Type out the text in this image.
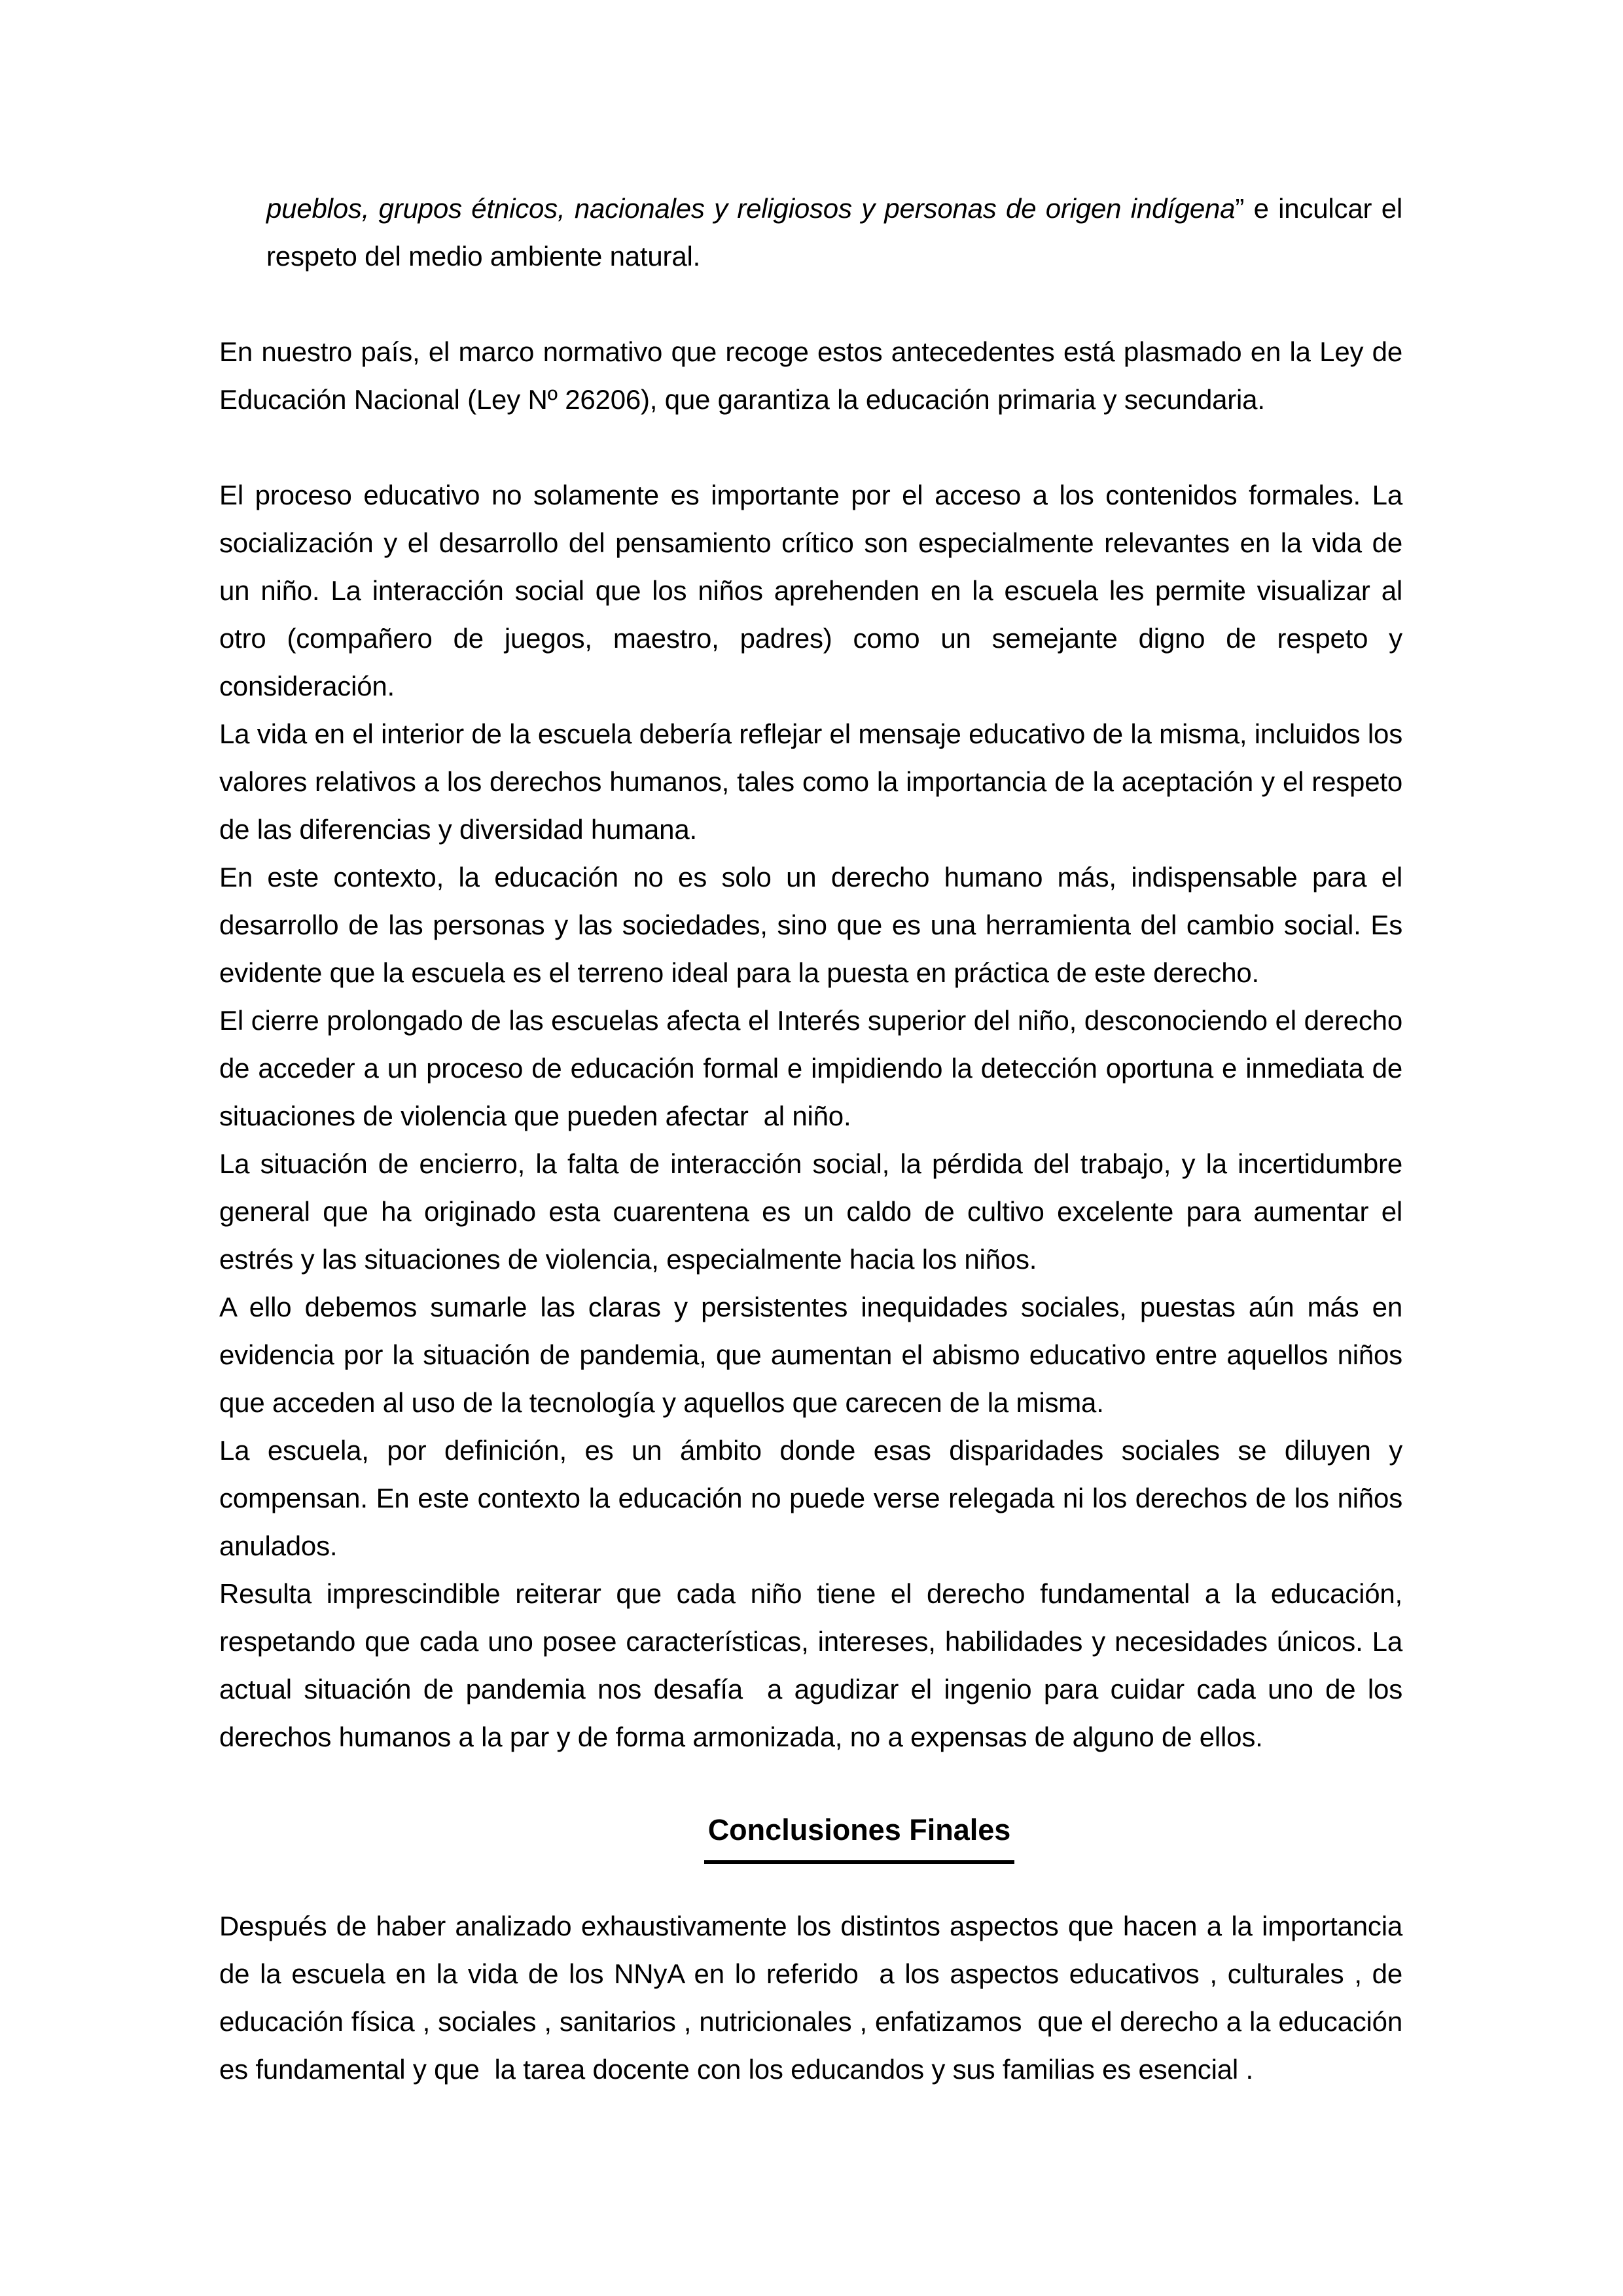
pueblos, grupos étnicos, nacionales y religiosos y personas de origen indígena” e inculcar el respeto del medio ambiente natural.

En nuestro país, el marco normativo que recoge estos antecedentes está plasmado en la Ley de Educación Nacional (Ley Nº 26206), que garantiza la educación primaria y secundaria.

El proceso educativo no solamente es importante por el acceso a los contenidos formales. La socialización y el desarrollo del pensamiento crítico son especialmente relevantes en la vida de un niño. La interacción social que los niños aprehenden en la escuela les permite visualizar al otro (compañero de juegos, maestro, padres) como un semejante digno de respeto y consideración.

La vida en el interior de la escuela debería reflejar el mensaje educativo de la misma, incluidos los valores relativos a los derechos humanos, tales como la importancia de la aceptación y el respeto de las diferencias y diversidad humana.

En este contexto, la educación no es solo un derecho humano más, indispensable para el desarrollo de las personas y las sociedades, sino que es una herramienta del cambio social. Es evidente que la escuela es el terreno ideal para la puesta en práctica de este derecho.

El cierre prolongado de las escuelas afecta el Interés superior del niño, desconociendo el derecho de acceder a un proceso de educación formal e impidiendo la detección oportuna e inmediata de situaciones de violencia que pueden afectar  al niño.

La situación de encierro, la falta de interacción social, la pérdida del trabajo, y la incertidumbre general que ha originado esta cuarentena es un caldo de cultivo excelente para aumentar el estrés y las situaciones de violencia, especialmente hacia los niños.

A ello debemos sumarle las claras y persistentes inequidades sociales, puestas aún más en evidencia por la situación de pandemia, que aumentan el abismo educativo entre aquellos niños que acceden al uso de la tecnología y aquellos que carecen de la misma.

La escuela, por definición, es un ámbito donde esas disparidades sociales se diluyen y compensan. En este contexto la educación no puede verse relegada ni los derechos de los niños anulados.

Resulta imprescindible reiterar que cada niño tiene el derecho fundamental a la educación, respetando que cada uno posee características, intereses, habilidades y necesidades únicos. La actual situación de pandemia nos desafía  a agudizar el ingenio para cuidar cada uno de los derechos humanos a la par y de forma armonizada, no a expensas de alguno de ellos.

Conclusiones Finales

Después de haber analizado exhaustivamente los distintos aspectos que hacen a la importancia de la escuela en la vida de los NNyA en lo referido  a los aspectos educativos , culturales , de educación física , sociales , sanitarios , nutricionales , enfatizamos  que el derecho a la educación es fundamental y que  la tarea docente con los educandos y sus familias es esencial .
